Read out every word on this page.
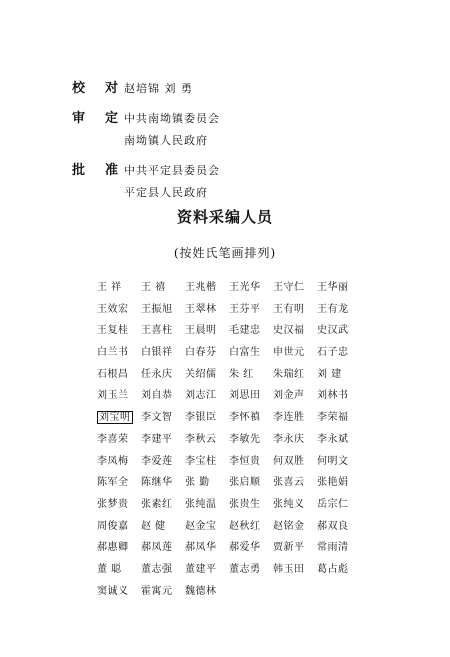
校 对 赵培锦 刘 勇
审 定 中共南坳镇委员会
南坳镇人民政府
批 准 中共平定县委员会
平定县人民政府
资料采编人员
(按姓氏笔画排列)
王 祥	王 禧	王兆楷	王光华	王守仁	王华丽
王效宏	王振旭	王翠林	王芬平	王有明	王有龙
王复桂	王喜柱	王晨明	毛建忠	史汉福	史汉武
白兰书	白银祥	白春芬	白富生	申世元	石子忠
石根昌	任永庆	关绍儒	朱 红	朱瑞红	刘 建
刘玉兰	刘自恭	刘志江	刘思田	刘金声	刘林书
刘宝明	李文智	李银臣	李怀禛	李连胜	李荣福
李喜荣	李建平	李秋云	李敏先	李永庆	李永斌
李凤梅	李爱莲	李宝柱	李恒贵	何双胜	何明文
陈军全	陈继华	张 勤	张启顺	张喜云	张艳娟
张梦贵	张素红	张纯温	张贵生	张纯义	岳宗仁
周俊嘉	赵 健	赵金宝	赵秋红	赵铭金	郝双良
郝惠卿	郝凤莲	郝凤华	郝爱华	贾新平	常雨清
董 聪	董志强	董建平	董志勇	韩玉田	葛占彪
窦诚义	霍寓元	魏德林
